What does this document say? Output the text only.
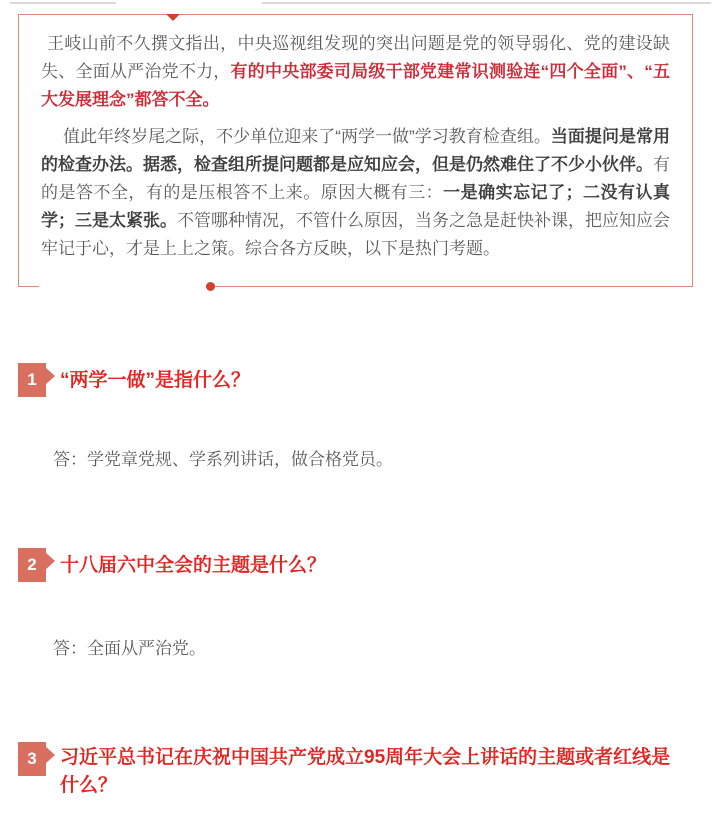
王岐山前不久撰文指出，中央巡视组发现的突出问题是党的领导弱化、党的建设缺失、全面从严治党不力，有的中央部委司局级干部党建常识测验连“四个全面”、“五大发展理念”都答不全。

值此年终岁尾之际，不少单位迎来了“两学一做”学习教育检查组。当面提问是常用的检查办法。据悉，检查组所提问题都是应知应会，但是仍然难住了不少小伙伴。有的是答不全，有的是压根答不上来。原因大概有三：一是确实忘记了；二没有认真学；三是太紧张。不管哪种情况，不管什么原因，当务之急是赶快补课，把应知应会牢记于心，才是上上之策。综合各方反映，以下是热门考题。

1 “两学一做”是指什么？
答：学党章党规、学系列讲话，做合格党员。
2 十八届六中全会的主题是什么？
答：全面从严治党。
3 习近平总书记在庆祝中国共产党成立95周年大会上讲话的主题或者红线是什么？
